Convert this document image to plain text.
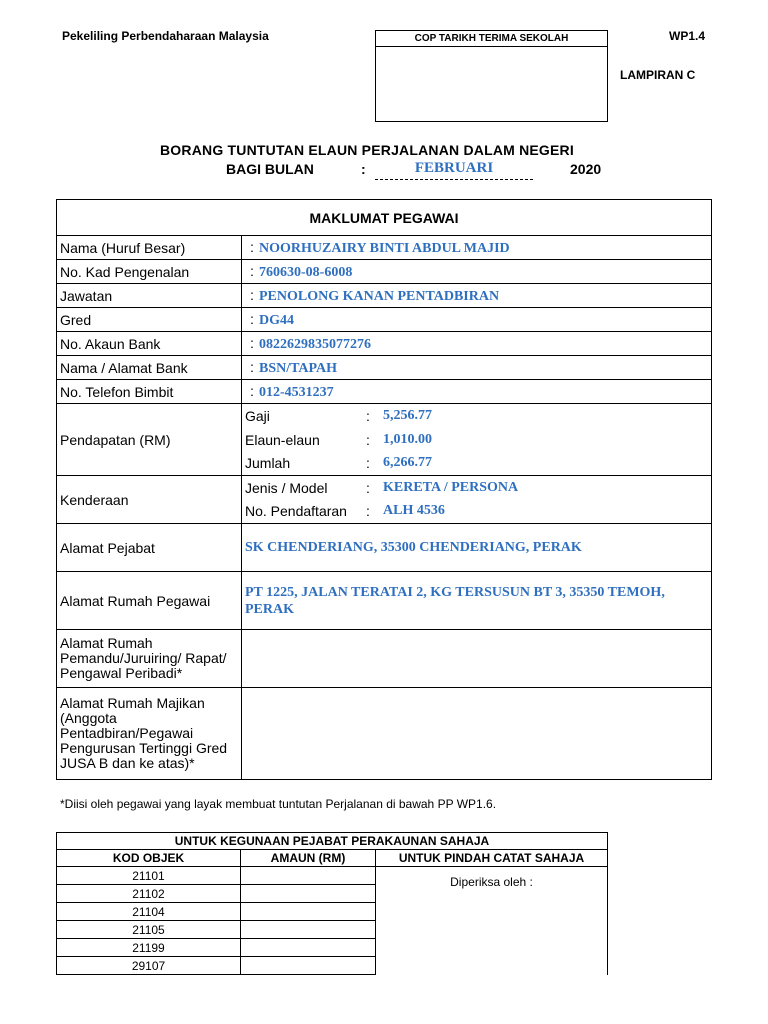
Pekeliling Perbendaharaan Malaysia	COP TARIKH TERIMA SEKOLAH	WP1.4
LAMPIRAN C
BORANG TUNTUTAN ELAUN PERJALANAN DALAM NEGERI
BAGI BULAN	:	FEBRUARI	2020
MAKLUMAT PEGAWAI			
Nama (Huruf Besar)	: NOORHUZAIRY BINTI ABDUL MAJID		
No. Kad Pengenalan	: 760630-08-6008		
Jawatan	: PENOLONG KANAN PENTADBIRAN		
Gred	: DG44		
No. Akaun Bank	: 0822629835077276		
Nama / Alamat Bank	: BSN/TAPAH		
No. Telefon Bimbit	: 012-4531237		
Pendapatan (RM)	Gaji	:	5,256.77
	Elaun-elaun	:	1,010.00
	Jumlah	:	6,266.77
Kenderaan	Jenis / Model	:	KERETA / PERSONA
	No. Pendaftaran	:	ALH 4536
Alamat Pejabat	SK CHENDERIANG, 35300 CHENDERIANG, PERAK		
Alamat Rumah Pegawai	PT 1225, JALAN TERATAI 2, KG TERSUSUN BT 3, 35350 TEMOH, PERAK		
Alamat Rumah Pemandu/Juruiring/ Rapat/ Pengawal Peribadi*			
Alamat Rumah Majikan (Anggota Pentadbiran/Pegawai Pengurusan Tertinggi Gred JUSA B dan ke atas)*			
*Diisi oleh pegawai yang layak membuat tuntutan Perjalanan di bawah PP WP1.6.
UNTUK KEGUNAAN PEJABAT PERAKAUNAN SAHAJA		
KOD OBJEK	AMAUN (RM)	UNTUK PINDAH CATAT SAHAJA
21101		Diperiksa oleh :
21102		
21104		
21105		
21199		
29107		
